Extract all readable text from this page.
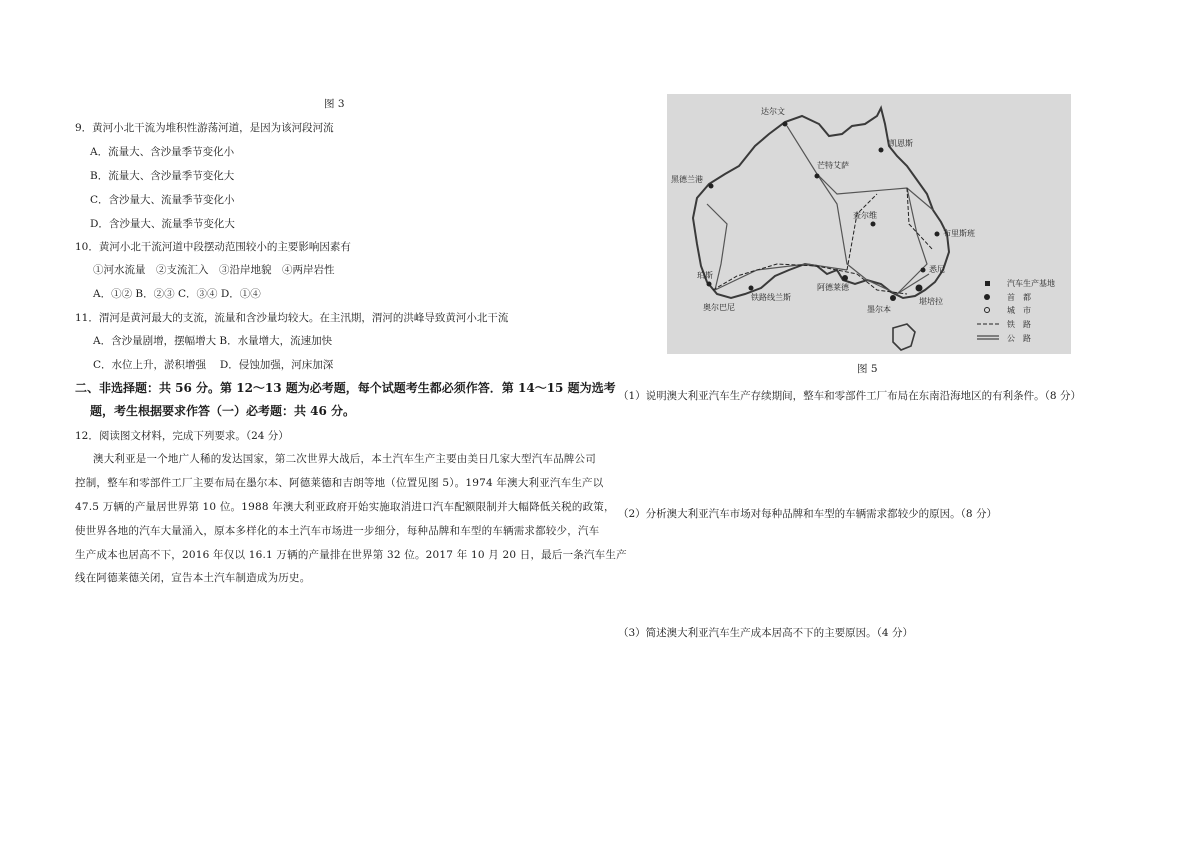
图 3
9．黄河小北干流为堆积性游荡河道，是因为该河段河流
A．流量大、含沙量季节变化小
B．流量大、含沙量季节变化大
C．含沙量大、流量季节变化小
D．含沙量大、流量季节变化大
10．黄河小北干流河道中段摆动范围较小的主要影响因素有
①河水流量　②支流汇入　③沿岸地貌　④两岸岩性
A．①② B．②③ C．③④ D．①④
11．渭河是黄河最大的支流，流量和含沙量均较大。在主汛期，渭河的洪峰导致黄河小北干流
A．含沙量剧增，摆幅增大 B．水量增大，流速加快
C．水位上升，淤积增强　 D．侵蚀加强，河床加深
二、非选择题：共 56 分。第 12～13 题为必考题，每个试题考生都必须作答．第 14～15 题为选考
题，考生根据要求作答（一）必考题：共 46 分。
12．阅读图文材料，完成下列要求。（24 分）
澳大利亚是一个地广人稀的发达国家，第二次世界大战后，本土汽车生产主要由美日几家大型汽车品牌公司
控制，整车和零部件工厂主要布局在墨尔本、阿德莱德和吉朗等地（位置见图 5）。1974 年澳大利亚汽车生产以
47.5 万辆的产量居世界第 10 位。1988 年澳大利亚政府开始实施取消进口汽车配额限制并大幅降低关税的政策，
使世界各地的汽车大量涌入，原本多样化的本土汽车市场进一步细分，每种品牌和车型的车辆需求都较少，汽车
生产成本也居高不下，2016 年仅以 16.1 万辆的产量排在世界第 32 位。2017 年 10 月 20 日，最后一条汽车生产
线在阿德莱德关闭，宣告本土汽车制造成为历史。
达尔文
凯恩斯
芒特艾萨
黑德兰港
查尔维
布里斯班
珀斯
悉尼
阿德莱德
铁路线兰斯
墨尔本
堪培拉
奥尔巴尼
汽车生产基地
首　都
城　市
铁　路
公　路
图 5
（1）说明澳大利亚汽车生产存续期间，整车和零部件工厂布局在东南沿海地区的有利条件。（8 分）
（2）分析澳大利亚汽车市场对每种品牌和车型的车辆需求都较少的原因。（8 分）
（3）简述澳大利亚汽车生产成本居高不下的主要原因。（4 分）
